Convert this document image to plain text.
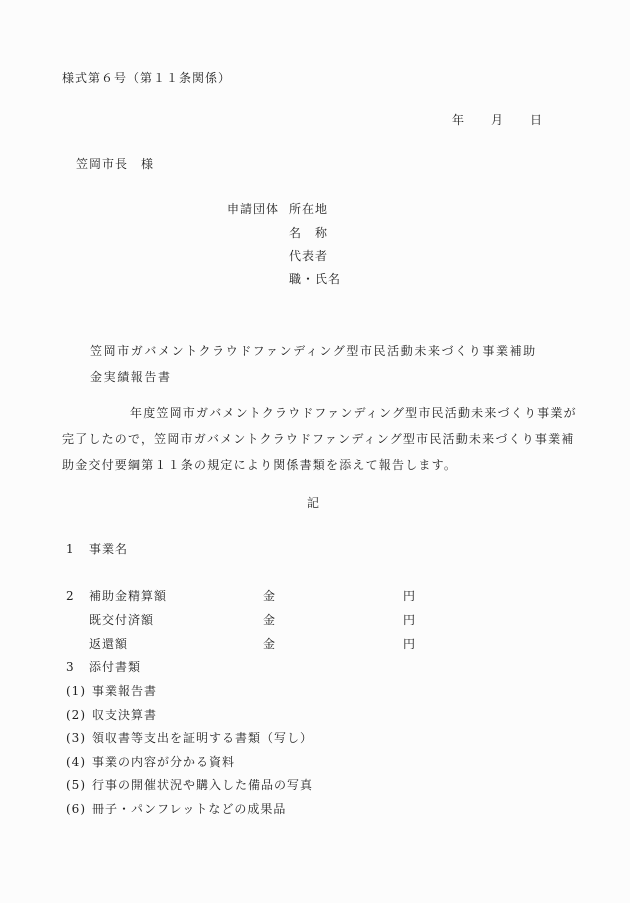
様式第６号（第１１条関係）
年 月 日
笠岡市長　様
申請団体 所在地
名　称
代表者
職・氏名
笠岡市ガバメントクラウドファンディング型市民活動未来づくり事業補助
金実績報告書
年度笠岡市ガバメントクラウドファンディング型市民活動未来づくり事業が
完了したので，笠岡市ガバメントクラウドファンディング型市民活動未来づくり事業補
助金交付要綱第１１条の規定により関係書類を添えて報告します。
記
1 事業名
2 補助金精算額	金	円
既交付済額	金	円
返還額	金	円
3 添付書類
(1) 事業報告書
(2) 収支決算書
(3) 領収書等支出を証明する書類（写し）
(4) 事業の内容が分かる資料
(5) 行事の開催状況や購入した備品の写真
(6) 冊子・パンフレットなどの成果品
